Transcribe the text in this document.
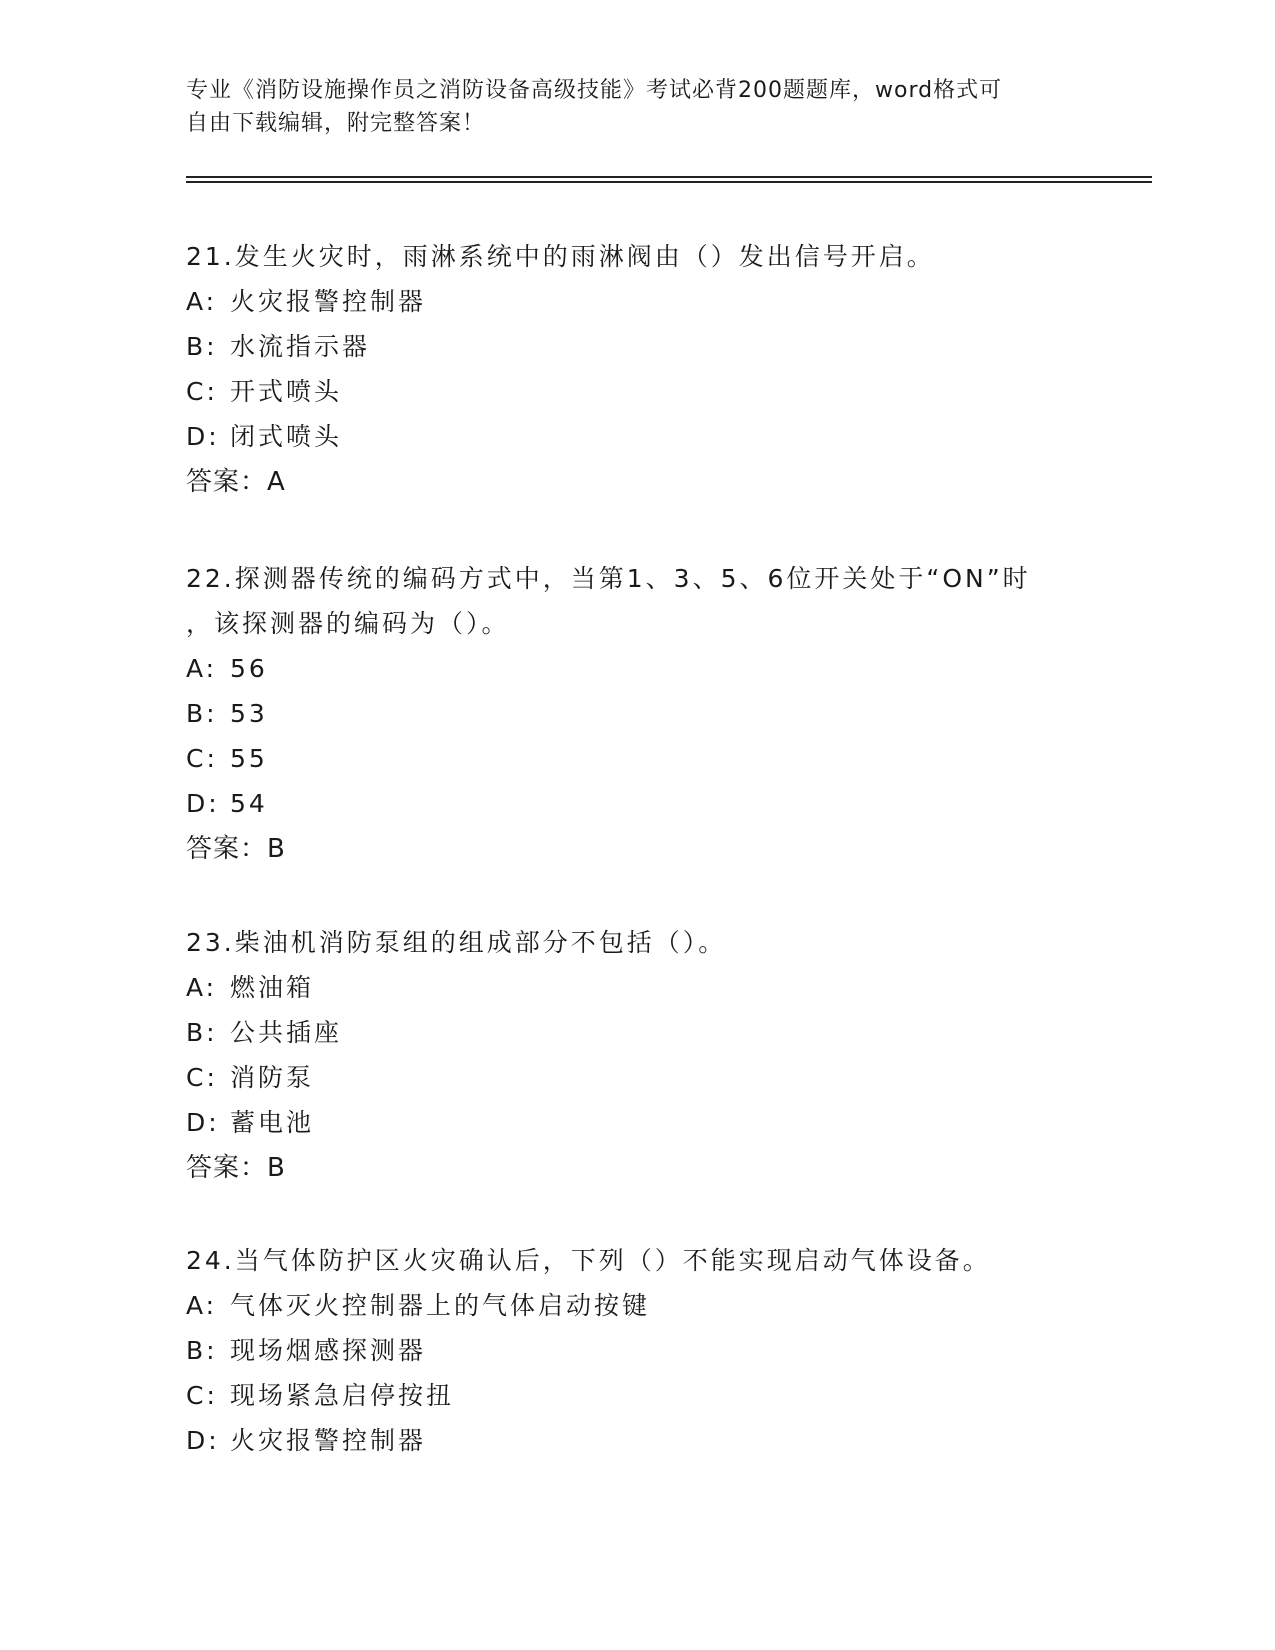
专业《消防设施操作员之消防设备高级技能》考试必背200题题库，word格式可
自由下载编辑，附完整答案！
21.发生火灾时，雨淋系统中的雨淋阀由（）发出信号开启。
A: 火灾报警控制器
B: 水流指示器
C: 开式喷头
D: 闭式喷头
答案：A
22.探测器传统的编码方式中，当第1、3、5、6位开关处于“ON”时
，该探测器的编码为（）。
A: 56
B: 53
C: 55
D: 54
答案：B
23.柴油机消防泵组的组成部分不包括（）。
A: 燃油箱
B: 公共插座
C: 消防泵
D: 蓄电池
答案：B
24.当气体防护区火灾确认后，下列（）不能实现启动气体设备。
A: 气体灭火控制器上的气体启动按键
B: 现场烟感探测器
C: 现场紧急启停按扭
D: 火灾报警控制器
